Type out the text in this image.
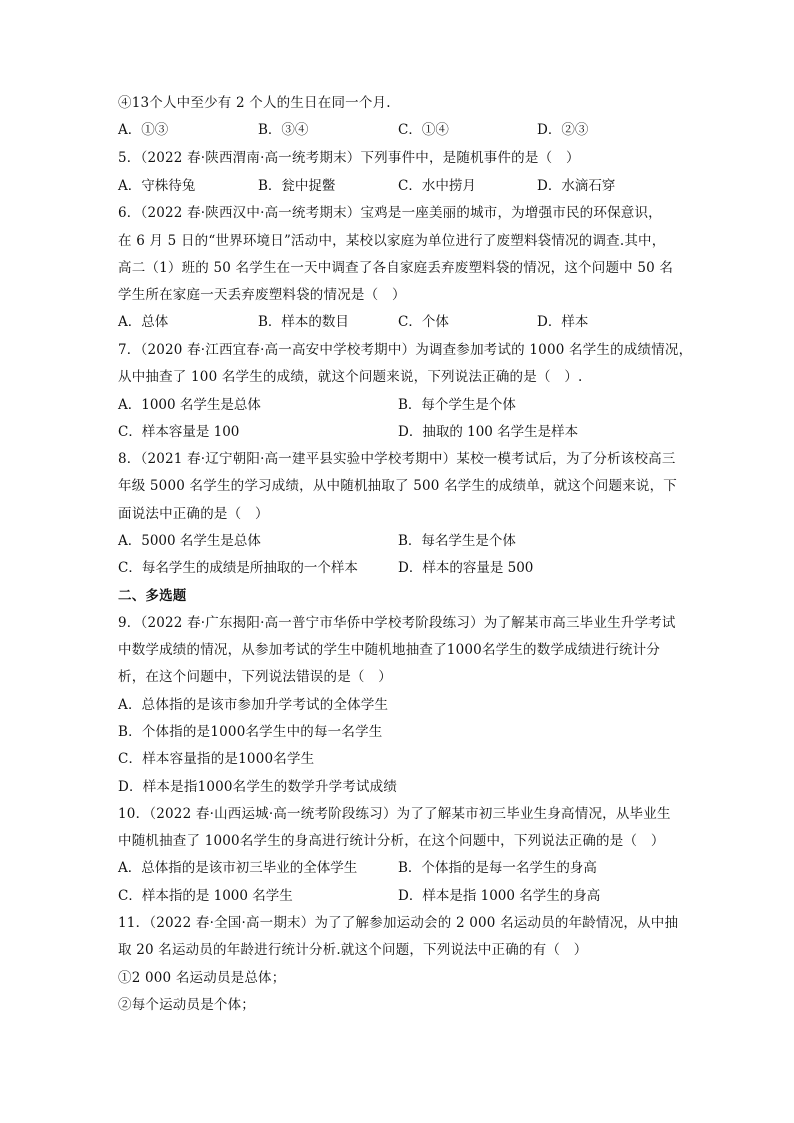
④13个人中至少有 2 个人的生日在同一个月.
A．①③	B．③④	C．①④	D．②③
5．（2022 春·陕西渭南·高一统考期末）下列事件中，是随机事件的是（　）
A．守株待兔	B．瓮中捉鳖	C．水中捞月	D．水滴石穿
6．（2022 春·陕西汉中·高一统考期末）宝鸡是一座美丽的城市，为增强市民的环保意识，
在 6 月 5 日的“世界环境日”活动中，某校以家庭为单位进行了废塑料袋情况的调查.其中，
高二（1）班的 50 名学生在一天中调查了各自家庭丢弃废塑料袋的情况，这个问题中 50 名
学生所在家庭一天丢弃废塑料袋的情况是（　）
A．总体	B．样本的数目	C．个体	D．样本
7．（2020 春·江西宜春·高一高安中学校考期中）为调查参加考试的 1000 名学生的成绩情况，
从中抽查了 100 名学生的成绩，就这个问题来说，下列说法正确的是（　）.
A．1000 名学生是总体	B．每个学生是个体
C．样本容量是 100	D．抽取的 100 名学生是样本
8．（2021 春·辽宁朝阳·高一建平县实验中学校考期中）某校一模考试后，为了分析该校高三
年级 5000 名学生的学习成绩，从中随机抽取了 500 名学生的成绩单，就这个问题来说，下
面说法中正确的是（　）
A．5000 名学生是总体	B．每名学生是个体
C．每名学生的成绩是所抽取的一个样本	D．样本的容量是 500
二、多选题
9．（2022 春·广东揭阳·高一普宁市华侨中学校考阶段练习）为了解某市高三毕业生升学考试
中数学成绩的情况，从参加考试的学生中随机地抽查了1000名学生的数学成绩进行统计分
析，在这个问题中，下列说法错误的是（　）
A．总体指的是该市参加升学考试的全体学生
B．个体指的是1000名学生中的每一名学生
C．样本容量指的是1000名学生
D．样本是指1000名学生的数学升学考试成绩
10．（2022 春·山西运城·高一统考阶段练习）为了了解某市初三毕业生身高情况，从毕业生
中随机抽查了 1000名学生的身高进行统计分析，在这个问题中，下列说法正确的是（　）
A．总体指的是该市初三毕业的全体学生	B．个体指的是每一名学生的身高
C．样本指的是 1000 名学生	D．样本是指 1000 名学生的身高
11．（2022 春·全国·高一期末）为了了解参加运动会的 2 000 名运动员的年龄情况，从中抽
取 20 名运动员的年龄进行统计分析.就这个问题，下列说法中正确的有（　）
①2 000 名运动员是总体；
②每个运动员是个体；
